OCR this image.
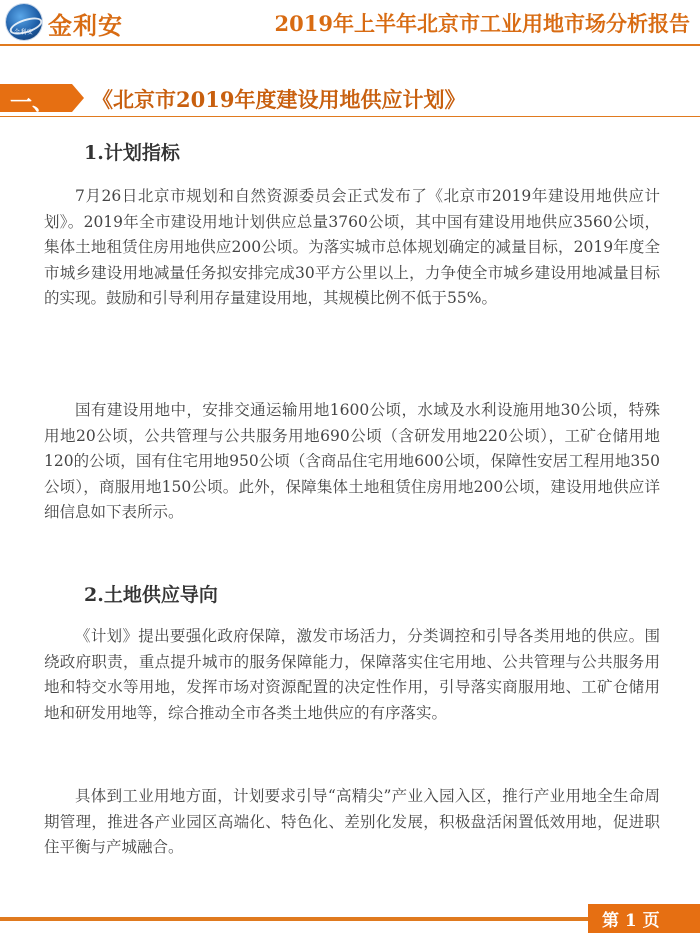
金利安 金利安	2019年上半年北京市工业用地市场分析报告
一、 《北京市2019年度建设用地供应计划》
1.计划指标

7月26日北京市规划和自然资源委员会正式发布了《北京市2019年建设用地供应计划》。2019年全市建设用地计划供应总量3760公顷，其中国有建设用地供应3560公顷，集体土地租赁住房用地供应200公顷。为落实城市总体规划确定的减量目标，2019年度全市城乡建设用地减量任务拟安排完成30平方公里以上，力争使全市城乡建设用地减量目标的实现。鼓励和引导利用存量建设用地，其规模比例不低于55%。

国有建设用地中，安排交通运输用地1600公顷，水域及水利设施用地30公顷，特殊用地20公顷，公共管理与公共服务用地690公顷（含研发用地220公顷），工矿仓储用地120的公顷，国有住宅用地950公顷（含商品住宅用地600公顷，保障性安居工程用地350公顷），商服用地150公顷。此外，保障集体土地租赁住房用地200公顷，建设用地供应详细信息如下表所示。

2.土地供应导向

《计划》提出要强化政府保障，激发市场活力，分类调控和引导各类用地的供应。围绕政府职责，重点提升城市的服务保障能力，保障落实住宅用地、公共管理与公共服务用地和特交水等用地，发挥市场对资源配置的决定性作用，引导落实商服用地、工矿仓储用地和研发用地等，综合推动全市各类土地供应的有序落实。

具体到工业用地方面，计划要求引导“高精尖”产业入园入区，推行产业用地全生命周期管理，推进各产业园区高端化、特色化、差别化发展，积极盘活闲置低效用地，促进职住平衡与产城融合。

第 1 页
